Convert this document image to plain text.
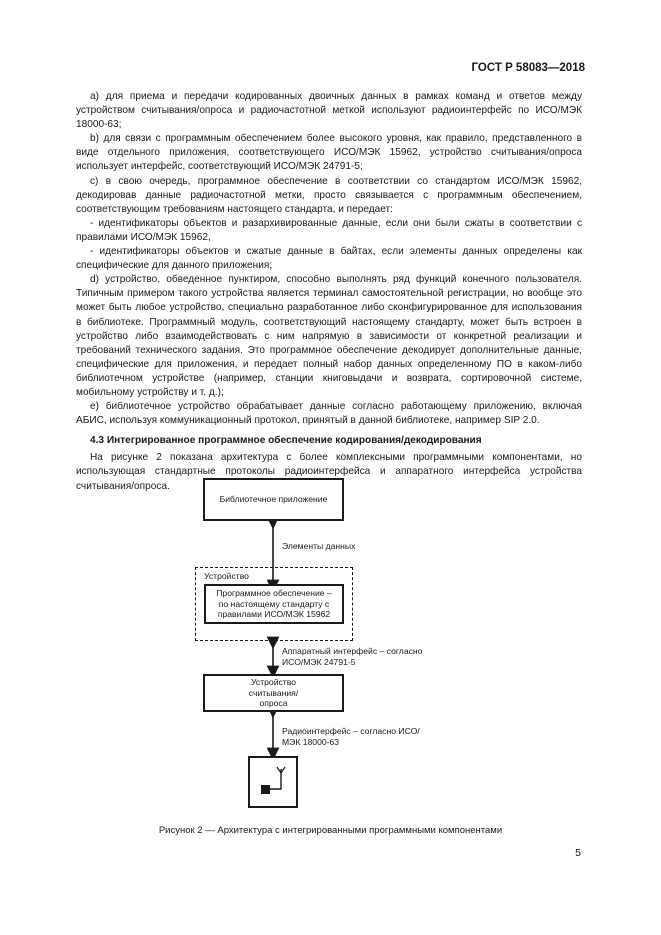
ГОСТ Р 58083—2018

а) для приема и передачи кодированных двоичных данных в рамках команд и ответов между устройством считывания/опроса и радиочастотной меткой используют радиоинтерфейс по ИСО/МЭК 18000-63;

b) для связи с программным обеспечением более высокого уровня, как правило, представленного в виде отдельного приложения, соответствующего ИСО/МЭК 15962, устройство считывания/опроса использует интерфейс, соответствующий ИСО/МЭК 24791-5;

с) в свою очередь, программное обеспечение в соответствии со стандартом ИСО/МЭК 15962, декодировав данные радиочастотной метки, просто связывается с программным обеспечением, соответствующим требованиям настоящего стандарта, и передает:

- идентификаторы объектов и разархивированные данные, если они были сжаты в соответствии с правилами ИСО/МЭК 15962,

- идентификаторы объектов и сжатые данные в байтах, если элементы данных определены как специфические для данного приложения;

d) устройство, обведенное пунктиром, способно выполнять ряд функций конечного пользователя. Типичным примером такого устройства является терминал самостоятельной регистрации, но вообще это может быть любое устройство, специально разработанное либо сконфигурированное для использования в библиотеке. Программный модуль, соответствующий настоящему стандарту, может быть встроен в устройство либо взаимодействовать с ним напрямую в зависимости от конкретной реализации и требований технического задания. Это программное обеспечение декодирует дополнительные данные, специфические для приложения, и передает полный набор данных определенному ПО в каком-либо библиотечном устройстве (например, станции книговыдачи и возврата, сортировочной системе, мобильному устройству и т. д.);

е) библиотечное устройство обрабатывает данные согласно работающему приложению, включая АБИС, используя коммуникационный протокол, принятый в данной библиотеке, например SIP 2.0.

4.3 Интегрированное программное обеспечение кодирования/декодирования

На рисунке 2 показана архитектура с более комплексными программными компонентами, но использующая стандартные протоколы радиоинтерфейса и аппаратного интерфейса устройства считывания/опроса.

Библиотечное приложение
Элементы данных
Устройство
Программное обеспечение – по настоящему стандарту с правилами ИСО/МЭК 15962
Аппаратный интерфейс – согласно ИСО/МЭК 24791-5
Устройство считывания/опроса
Радиоинтерфейс – согласно ИСО/МЭК 18000-63
Рисунок 2 — Архитектура с интегрированными программными компонентами
5
